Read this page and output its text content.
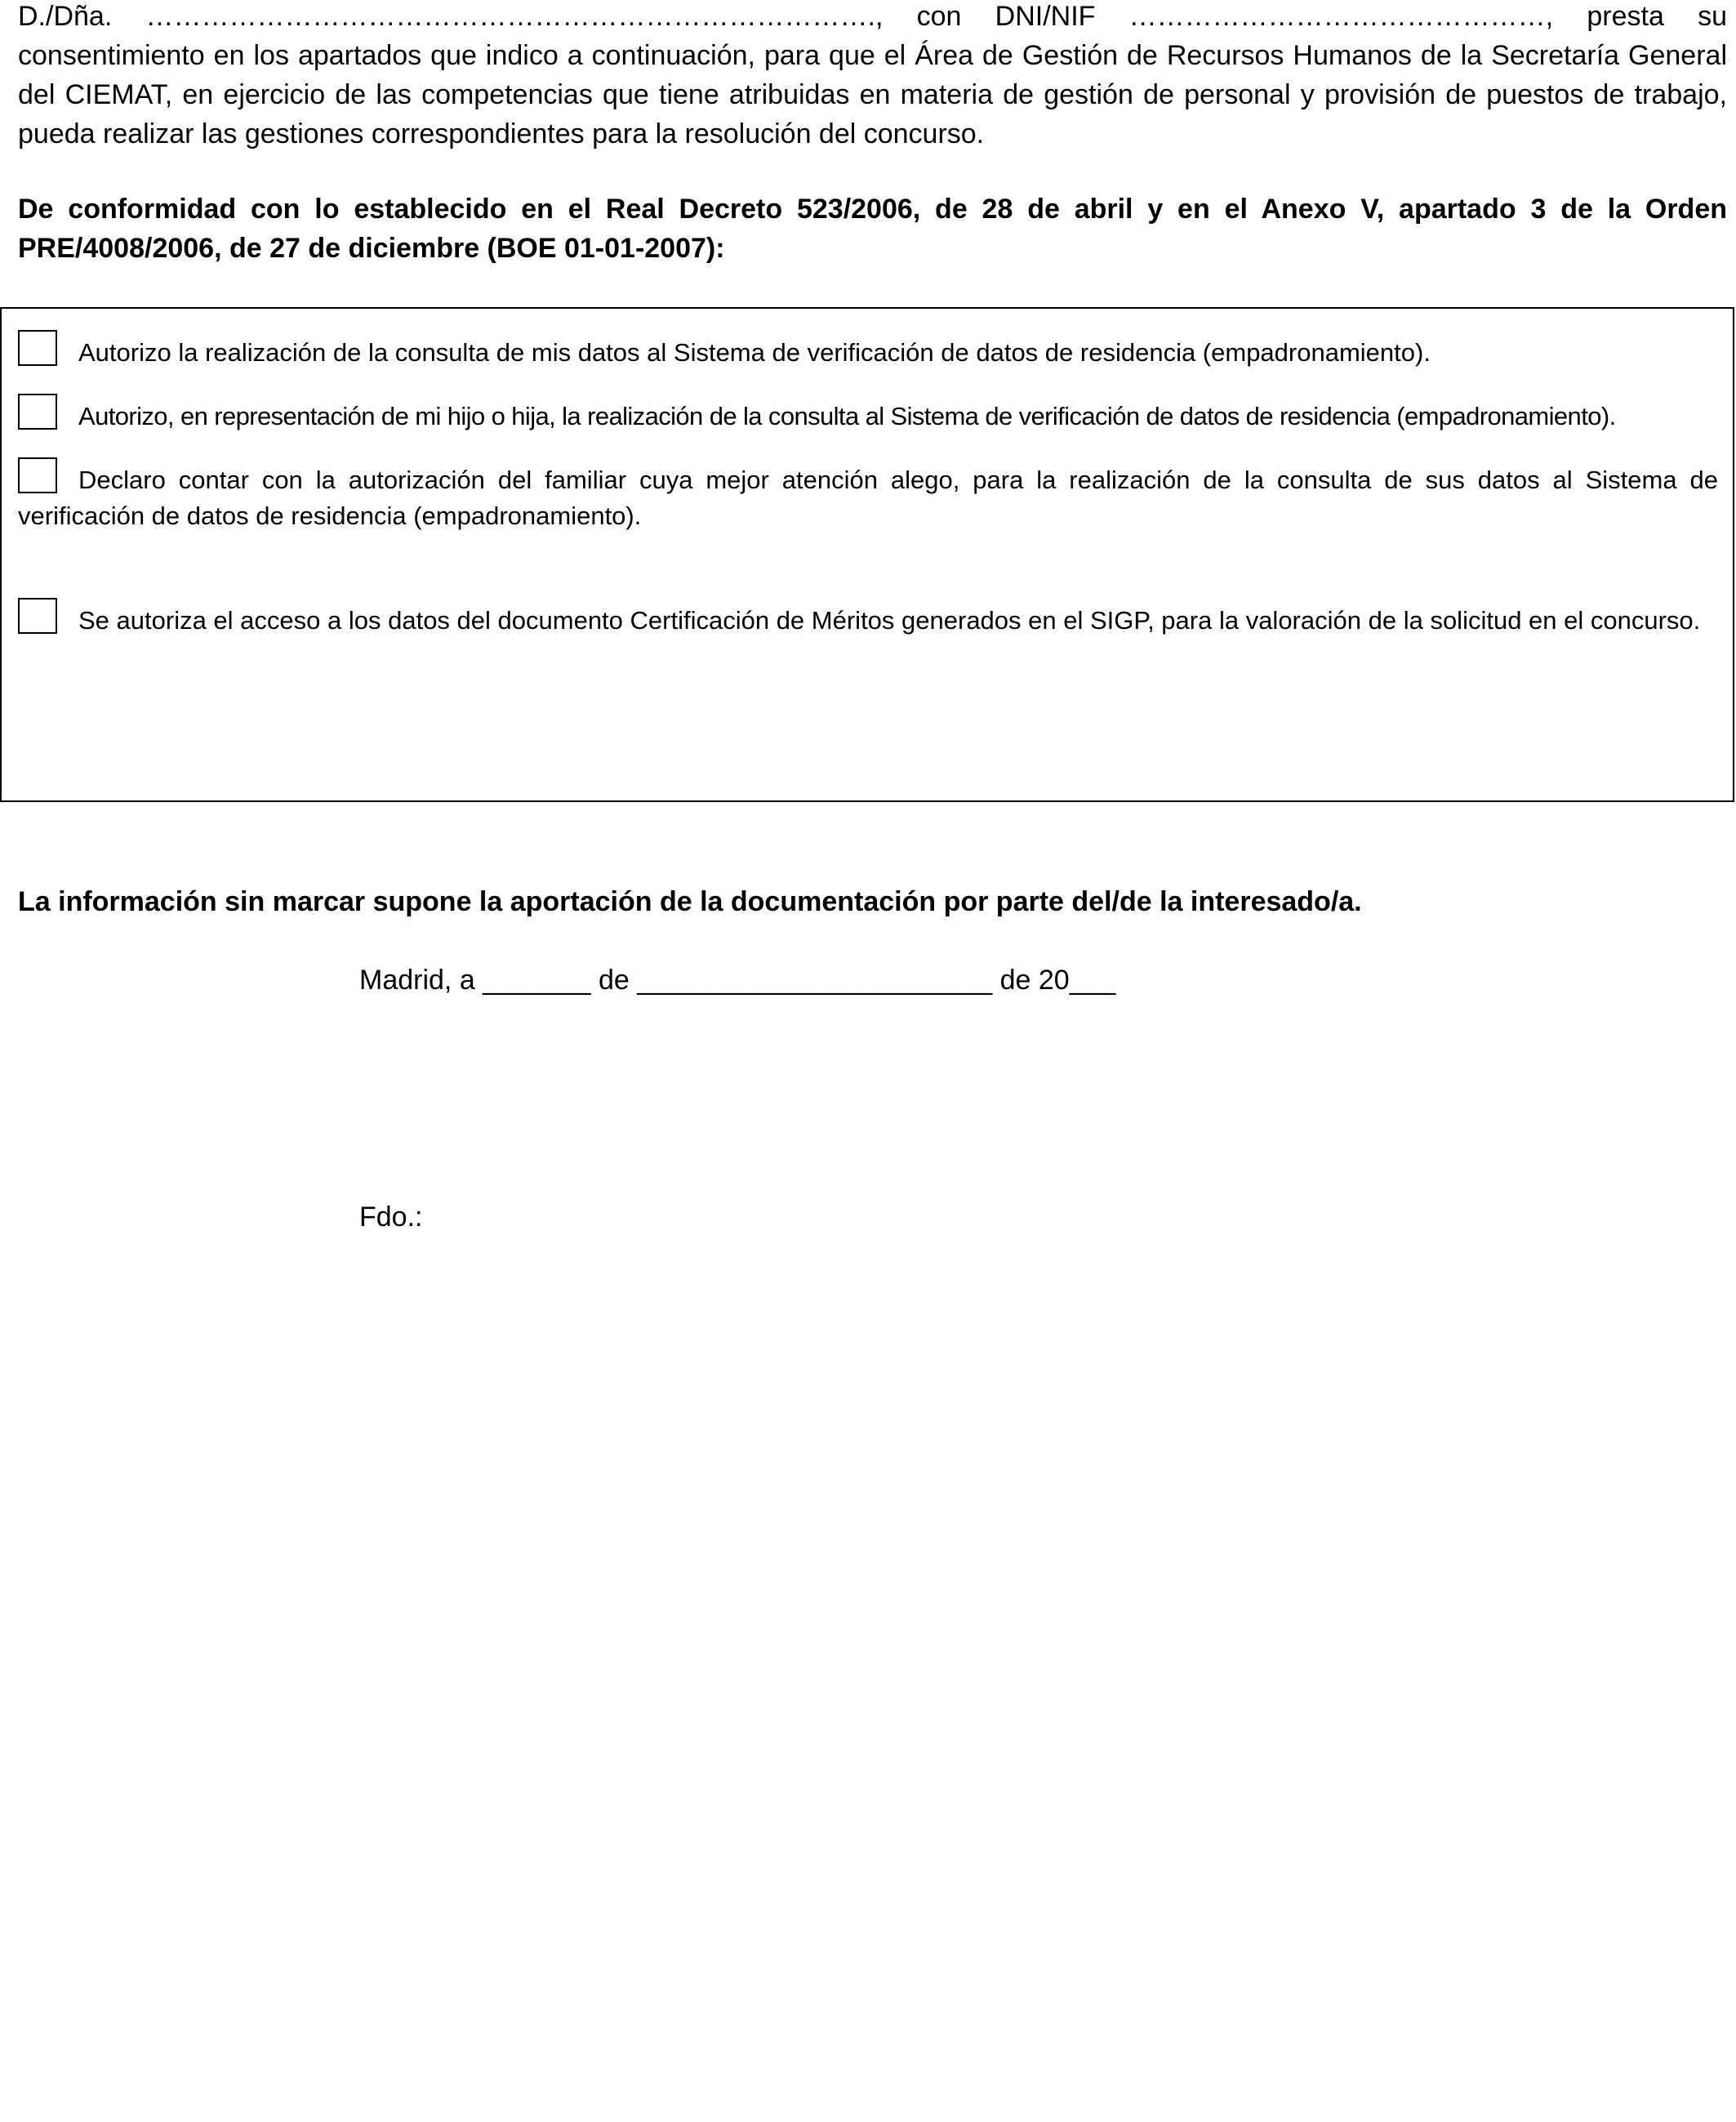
D./Dña. ……………………………………………………………………., con DNI/NIF ………………………………………, presta su consentimiento en los apartados que indico a continuación, para que el Área de Gestión de Recursos Humanos de la Secretaría General del CIEMAT, en ejercicio de las competencias que tiene atribuidas en materia de gestión de personal y provisión de puestos de trabajo, pueda realizar las gestiones correspondientes para la resolución del concurso.

De conformidad con lo establecido en el Real Decreto 523/2006, de 28 de abril y en el Anexo V, apartado 3 de la Orden PRE/4008/2006, de 27 de diciembre (BOE 01-01-2007):

Autorizo la realización de la consulta de mis datos al Sistema de verificación de datos de residencia (empadronamiento).
Autorizo, en representación de mi hijo o hija, la realización de la consulta al Sistema de verificación de datos de residencia (empadronamiento).
Declaro contar con la autorización del familiar cuya mejor atención alego, para la realización de la consulta de sus datos al Sistema de verificación de datos de residencia (empadronamiento).
Se autoriza el acceso a los datos del documento Certificación de Méritos generados en el SIGP, para la valoración de la solicitud en el concurso.

La información sin marcar supone la aportación de la documentación por parte del/de la interesado/a.

Madrid, a _______ de _______________________ de 20___
Fdo.:
